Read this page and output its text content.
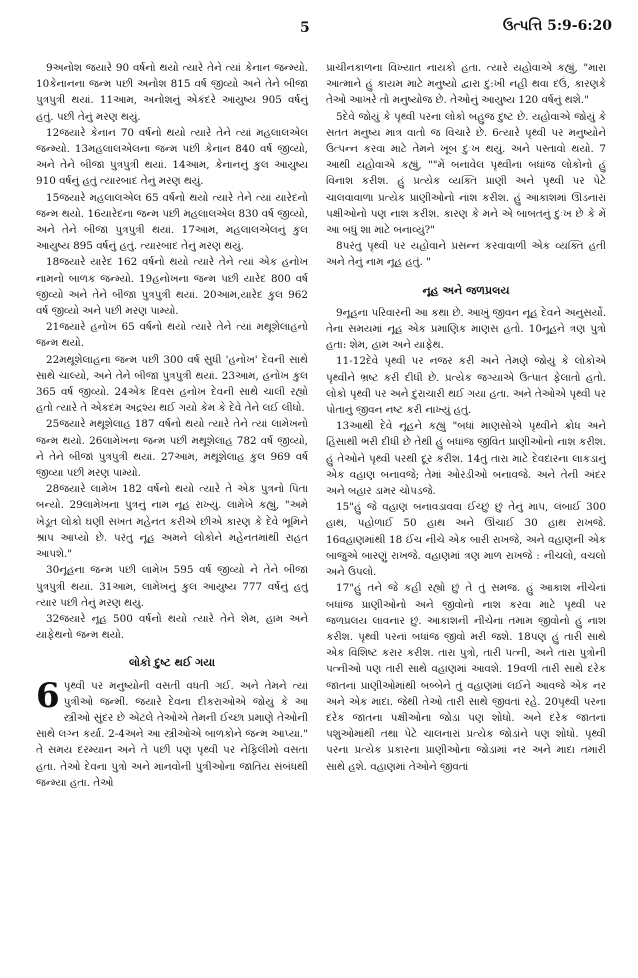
5	ઉત્પત્તિ 5:9-6:20

9અનોશ જયારે 90 વર્ષનો થયો ત્યારે તેને ત્યાં કેનાન જન્મ્યો. 10કેનાનના જન્મ પછી અનોશ 815 વર્ષ જીવ્યો અને તેને બીજા પુત્રપુત્રી થયાં. 11આમ, અનોશનું એકંદરે આયુષ્ય 905 વર્ષનું હતું. પછી તેનું મરણ થયું.

12જયારે કેનાન 70 વર્ષનો થયો ત્યારે તેને ત્યાં મહલાલએલ જન્મ્યો. 13મહલાલએલના જન્મ પછી કેનાન 840 વર્ષ જીવ્યો, અને તેને બીજા પુત્રપુત્રી થયાં. 14આમ, કેનાનનું કુલ આયુષ્ય 910 વર્ષનું હતું ત્યારબાદ તેનું મરણ થયું.

15જયારે મહલાલએલ 65 વર્ષનો થયો ત્યારે તેને ત્યાં યારેદનો જન્મ થયો. 16યારેદના જન્મ પછી મહલાલએલ 830 વર્ષ જીવ્યો, અને તેને બીજા પુત્રપુત્રી થયાં. 17આમ, મહલાલએલનું કુલ આયુષ્ય 895 વર્ષનું હતું. ત્યારબાદ તેનું મરણ થયું.

18જયારે યારેદ 162 વર્ષનો થયો ત્યારે તેને ત્યાં એક હનોખ નામનો બાળક જન્મ્યો. 19હનોખના જન્મ પછી યારેદ 800 વર્ષ જીવ્યો અને તેને બીજા પુત્રપુત્રી થયાં. 20આમ,યારેદ કુલ 962 વર્ષ જીવ્યો અને પછી મરણ પામ્યો.

21જયારે હનોખ 65 વર્ષનો થયો ત્યારે તેને ત્યાં મથૂશેલાહનો જન્મ થયો.

22મથૂશેલાહના જન્મ પછી 300 વર્ષ સુધી 'હનોખ' દેવની સાથે સાથે ચાલ્યો, અને તેને બીજા પુત્રપુત્રી થયાં. 23આમ, હનોખ કુલ 365 વર્ષ જીવ્યો. 24એક દિવસ હનોખ દેવની સાથે ચાલી રહ્યો હતો ત્યારે તે એકદમ અદ્રશ્ય થઈ ગયો કેમ કે દેવે તેને લઈ લીધો.

25જયારે મથૂશેલાહ 187 વર્ષનો થયો ત્યારે તેને ત્યાં લામેખનો જન્મ થયો. 26લામેખના જન્મ પછી મથૂશેલાહ 782 વર્ષ જીવ્યો, ને તેને બીજાં પુત્રપુત્રી થયાં. 27આમ, મથૂશેલાહ કુલ 969 વર્ષ જીવ્યા પછી મરણ પામ્યો.

28જયારે લામેખ 182 વર્ષનો થયો ત્યારે તે એક પુત્રનો પિતા બન્યો. 29લામેખના પુત્રનું નામ નૂહ રાખ્યું. લામેખે કહ્યું, "અમે ખેડૂત લોકો ઘણી સખત મહેનત કરીએ છીએ કારણ કે દેવે ભૂમિને શ્રાપ આપ્યો છે. પરંતુ નૂહ અમને લોકોને મહેનતમાંથી રાહત આપશે."

30નૂહના જન્મ પછી લામેખ 595 વર્ષ જીવ્યો ને તેને બીજા પુત્રપુત્રી થયાં. 31આમ, લામેખનું કુલ આયુષ્ય 777 વર્ષનું હતું ત્યાર પછી તેનું મરણ થયું.

32જયારે નૂહ 500 વર્ષનો થયો ત્યારે તેને શેમ, હામ અને યાફેથનો જન્મ થયો.

લોકો દુષ્ટ થઈ ગયા

6 પૃથ્વી પર મનુષ્યોની વસતી વધતી ગઈ. અને તેમને ત્યાં પુત્રીઓ જન્મી. જયારે દેવના દીકરાઓએ જોયું કે આ સ્ત્રીઓ સુંદર છે એટલે તેઓએ તેમની ઈચ્છા પ્રમાણે તેઓની સાથે લગ્ન કર્યા. 2-4અને આ સ્ત્રીઓએ બાળકોને જન્મ આપ્યા." તે સમય દરમ્યાન અને તે પછી પણ પૃથ્વી પર નેફિલીમો વસતા હતા. તેઓ દેવના પુત્રો અને માનવોની પુત્રીઓના જાતિય સંબંધથી જન્મ્યા હતા. તેઓ

પ્રાચીનકાળના વિખ્યાત નાયકો હતા. ત્યારે યહોવાએ કહ્યું, "મારા આત્માને હું કાયમ માટે મનુષ્યો દ્વારા દુ:ખી નહી થવા દઉં, કારણકે તેઓ આખરે તો મનુષ્યોજ છે. તેઓનું આયુષ્ય 120 વર્ષનું થશે."

5દેવે જોયું કે પૃથ્વી પરના લોકો બહુજ દુષ્ટ છે. યહોવાએ જોયું કે સતત મનુષ્ય માત્ર વાતો જ વિચારે છે. 6ત્યારે પૃથ્વી પર મનુષ્યોને ઉત્પન્ન કરવા માટે તેમને ખૂબ દુઃખ થયું. અને પસ્તાવો થયો. 7 આથી યહોવાએ કહ્યું, ""મેં બનાવેલ પૃથ્વીના બધાંજ લોકોનો હું વિનાશ કરીશ. હું પ્રત્યેક વ્યક્તિ પ્રાણી અને પૃથ્વી પર પેટે ચાલવાવાળા પ્રત્યેક પ્રાણીઓનો નાશ કરીશ. હું આકાશમાં ઊડનારાં પક્ષીઓનો પણ નાશ કરીશ. કારણ કે મને એ બાબતનું દુઃખ છે કે મેં આ બધું શા માટે બનાવ્યું?"

8પરંતુ પૃથ્વી પર યહોવાને પ્રસન્ન કરવાવાળી એક વ્યક્તિ હતી અને તેનું નામ નૂહ હતું. "

નૂહ અને જળપ્રલય

9નૂહના પરિવારની આ કથા છે. આખું જીવન નૂહ દેવને અનુસર્યો. તેના સમયમાં નૂહ એક પ્રમાણિક માણસ હતો. 10નૂહને ત્રણ પુત્રો હતા: શેમ, હામ અને યાફેથ.

11-12દેવે પૃથ્વી પર નજર કરી અને તેમણે જોયું કે લોકોએ પૃથ્વીને ભ્રષ્ટ કરી દીધી છે. પ્રત્યેક જગ્યાએ ઉત્પાત ફેલાતો હતો. લોકો પૃથ્વી પર અને દુરાચારી થઈ ગયા હતા. અને તેઓએ પૃથ્વી પર પોતાનું જીવન નષ્ટ કરી નાખ્યું હતું.

13આથી દેવે નૂહને કહ્યું "બધાં માણસોએ પૃથ્વીને ક્રોધ અને હિંસાથી ભરી દીધી છે તેથી હું બધાંજ જીવિત પ્રાણીઓનો નાશ કરીશ. હું તેઓને પૃથ્વી પરથી દૂર કરીશ. 14તું તારા માટે દેવદારના લાકડાનું એક વહાણ બનાવજે; તેમાં ઓરડીઓ બનાવજે. અને તેની અંદર અને બહાર ડામર ચોપડજે.

15"હું જે વહાણ બનાવડાવવા ઈચ્છું છું તેનું માપ, લંબાઈ 300 હાથ, પહોળાઈ 50 હાથ અને ઊંચાઈ 30 હાથ રાખજે. 16વહાણમાંથી 18 ઈંચ નીચે એક બારી રાખજે, અને વહાણની એક બાજુએ બારણું રાખજે. વહાણમાં ત્રણ માળ રાખજે : નીચલો, વચલો અને ઉપલો.

17"હું તને જે કહી રહ્યો છું તે તું સમજ. હું આકાશ નીચેનાં બધાંજ પ્રાણીઓનો અને જીવોનો નાશ કરવા માટે પૃથ્વી પર જળપ્રલય લાવનાર છું. આકાશની નીચેના તમામ જીવોનો હું નાશ કરીશ. પૃથ્વી પરનાં બધાંજ જીવો મરી જશે. 18પણ હું તારી સાથે એક વિશિષ્ટ કરાર કરીશ. તારા પુત્રો, તારી પત્ની, અને તારા પુત્રોની પત્નીઓ પણ તારી સાથે વહાણમાં આવશે. 19વળી તારી સાથે દરેક જાતનાં પ્રાણીઓમાંથી બબ્બેને તું વહાણમાં લઈને આવજે એક નર અને એક માદા. જેથી તેઓ તારી સાથે જીવતાં રહે. 20પૃથ્વી પરના દરેક જાતના પક્ષીઓના જોડા પણ શોધો. અને દરેક જાતનાં પશુઓમાંથી તથા પેટે ચાલનારાં પ્રત્યેક જોડાંને પણ શોધો. પૃથ્વી પરના પ્રત્યેક પ્રકારના પ્રાણીઓના જોડામાં નર અને માદા તમારી સાથે હશે. વહાણમાં તેઓને જીવતાં
